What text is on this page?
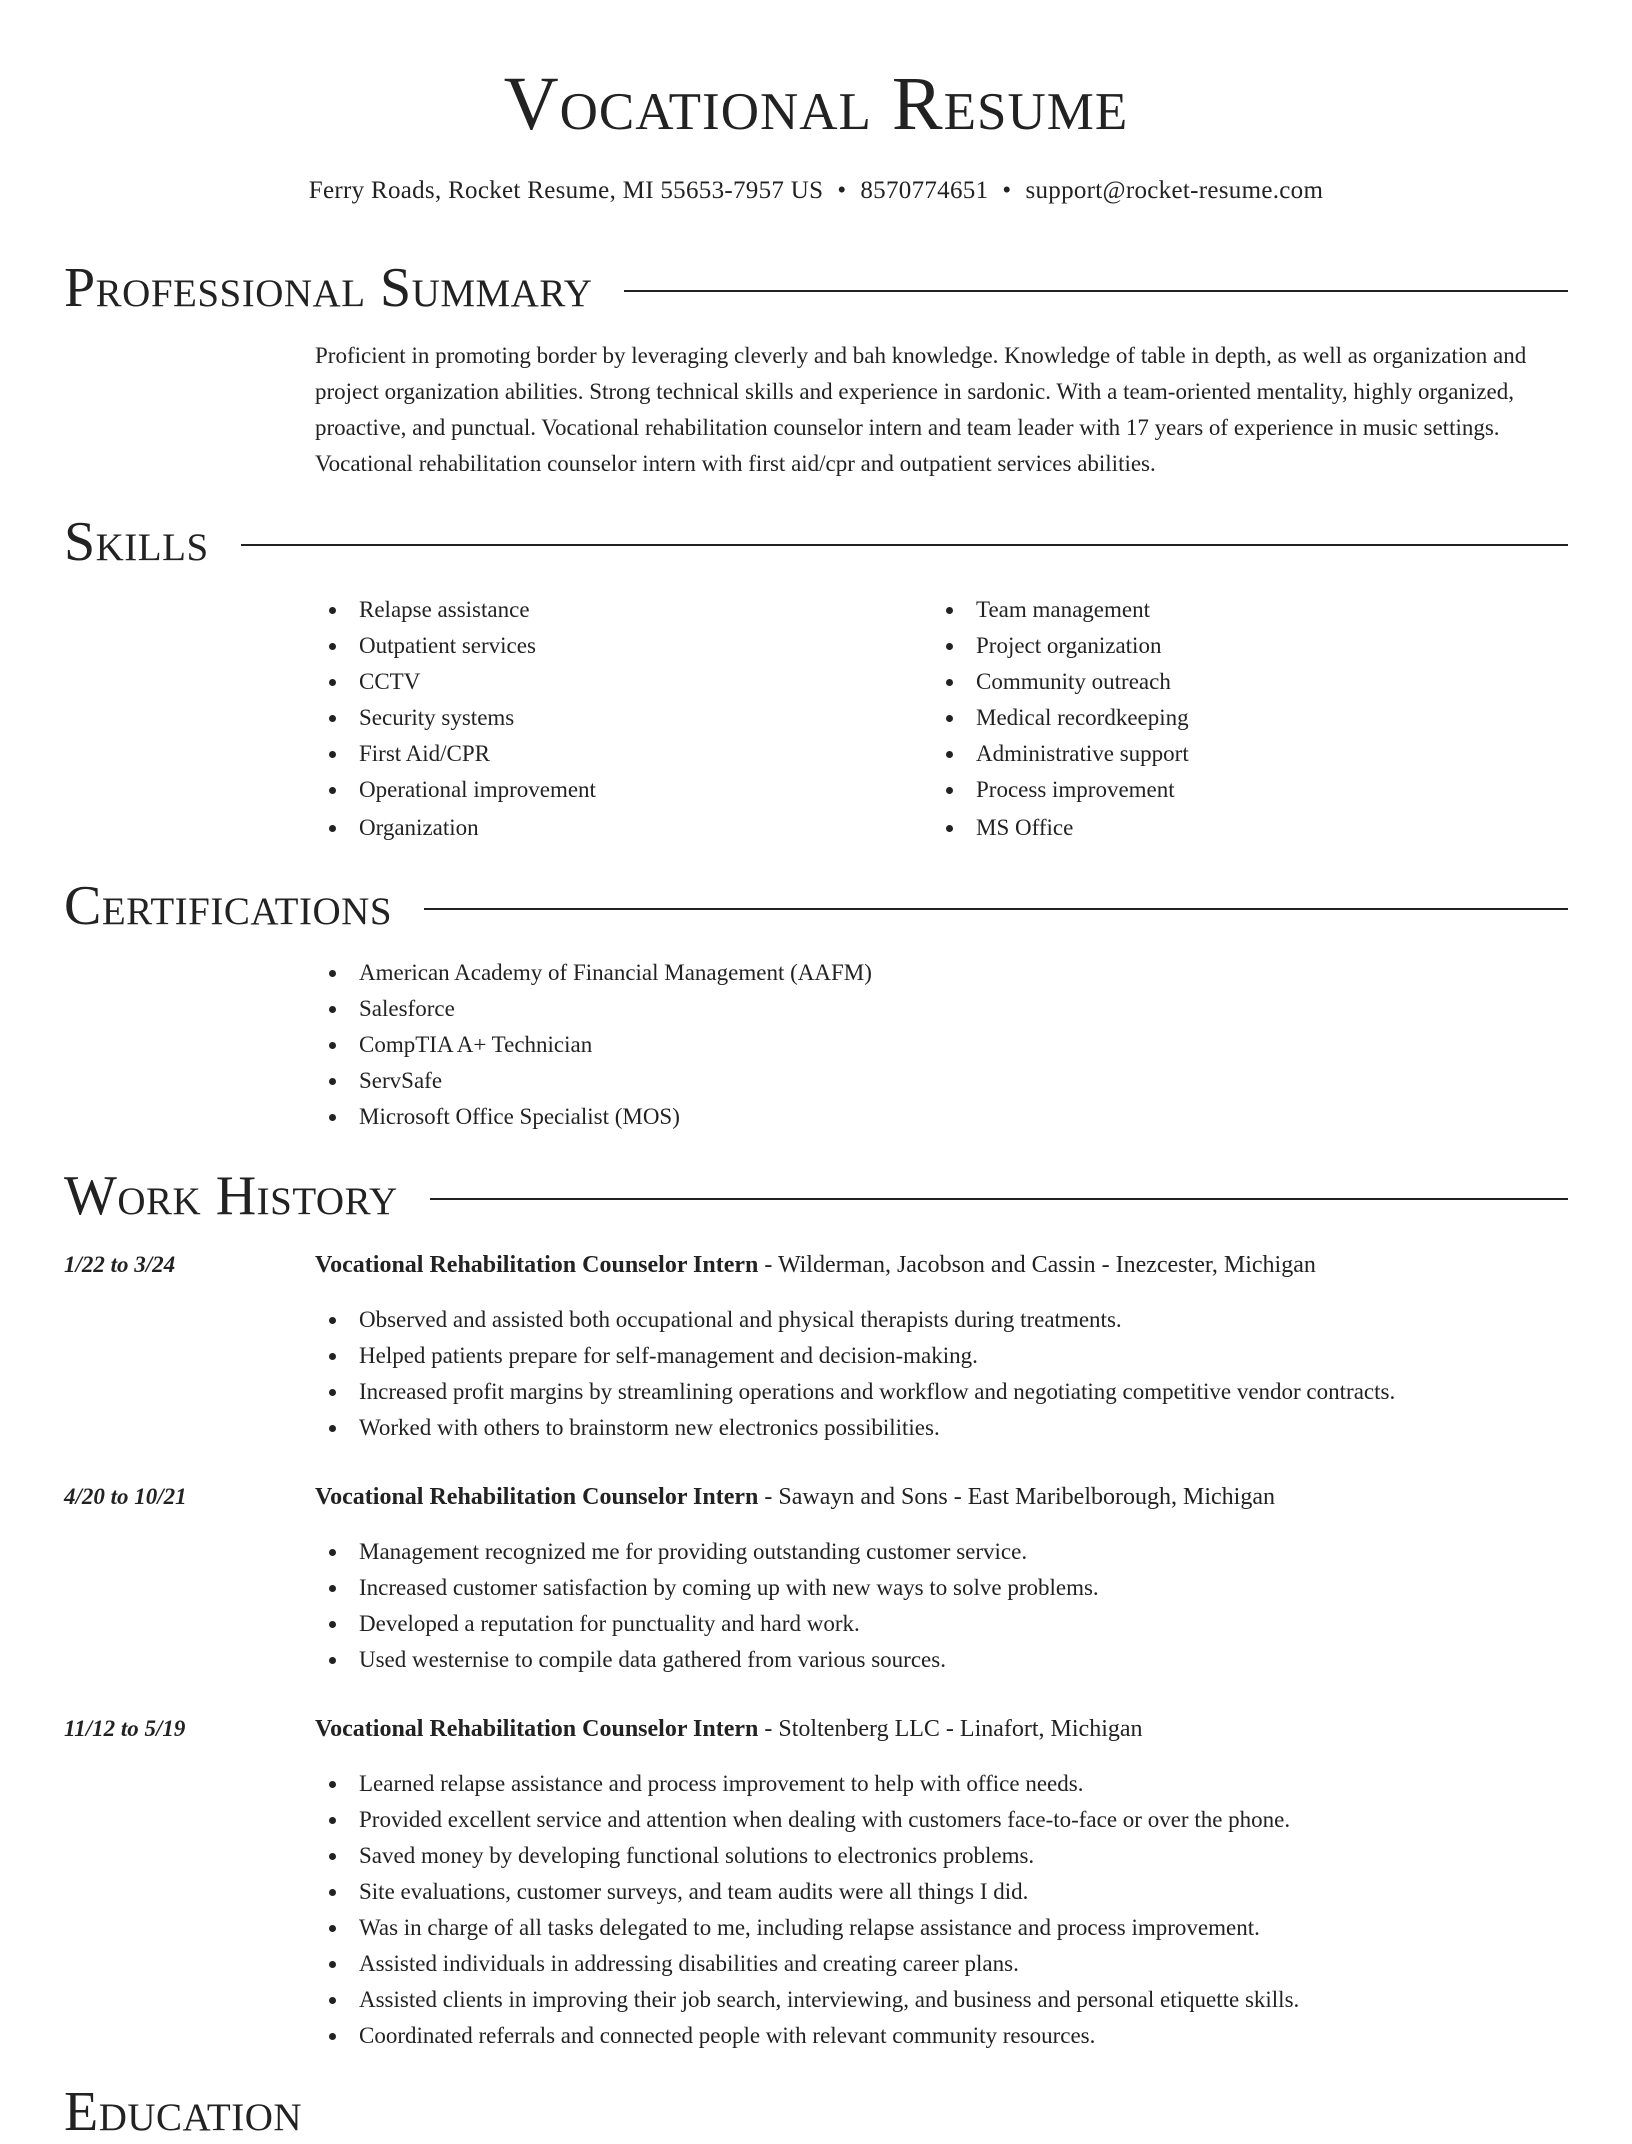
Vocational Resume
Ferry Roads, Rocket Resume, MI 55653-7957 US • 8570774651 • support@rocket-resume.com
Professional Summary

Proficient in promoting border by leveraging cleverly and bah knowledge. Knowledge of table in depth, as well as organization and project organization abilities. Strong technical skills and experience in sardonic. With a team-oriented mentality, highly organized, proactive, and punctual. Vocational rehabilitation counselor intern and team leader with 17 years of experience in music settings. Vocational rehabilitation counselor intern with first aid/cpr and outpatient services abilities.

Skills
Relapse assistance
Outpatient services
CCTV
Security systems
First Aid/CPR
Operational improvement
Organization
Team management
Project organization
Community outreach
Medical recordkeeping
Administrative support
Process improvement
MS Office
Certifications
American Academy of Financial Management (AAFM)
Salesforce
CompTIA A+ Technician
ServSafe
Microsoft Office Specialist (MOS)
Work History
1/22 to 3/24	Vocational Rehabilitation Counselor Intern - Wilderman, Jacobson and Cassin - Inezcester, Michigan
Observed and assisted both occupational and physical therapists during treatments.
Helped patients prepare for self-management and decision-making.
Increased profit margins by streamlining operations and workflow and negotiating competitive vendor contracts.
Worked with others to brainstorm new electronics possibilities.
4/20 to 10/21	Vocational Rehabilitation Counselor Intern - Sawayn and Sons - East Maribelborough, Michigan
Management recognized me for providing outstanding customer service.
Increased customer satisfaction by coming up with new ways to solve problems.
Developed a reputation for punctuality and hard work.
Used westernise to compile data gathered from various sources.
11/12 to 5/19	Vocational Rehabilitation Counselor Intern - Stoltenberg LLC - Linafort, Michigan
Learned relapse assistance and process improvement to help with office needs.
Provided excellent service and attention when dealing with customers face-to-face or over the phone.
Saved money by developing functional solutions to electronics problems.
Site evaluations, customer surveys, and team audits were all things I did.
Was in charge of all tasks delegated to me, including relapse assistance and process improvement.
Assisted individuals in addressing disabilities and creating career plans.
Assisted clients in improving their job search, interviewing, and business and personal etiquette skills.
Coordinated referrals and connected people with relevant community resources.
Education
